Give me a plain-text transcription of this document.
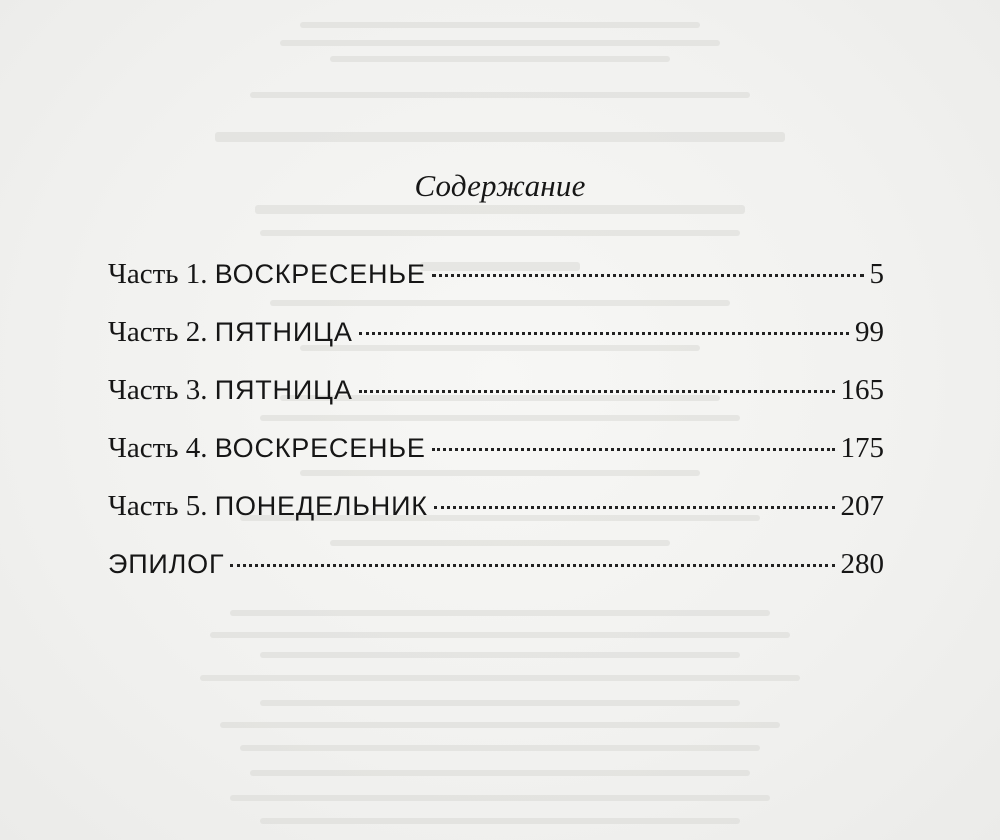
Содержание
Часть 1. ВОСКРЕСЕНЬЕ	5
Часть 2. ПЯТНИЦА	99
Часть 3. ПЯТНИЦА	165
Часть 4. ВОСКРЕСЕНЬЕ	175
Часть 5. ПОНЕДЕЛЬНИК	207
ЭПИЛОГ	280
